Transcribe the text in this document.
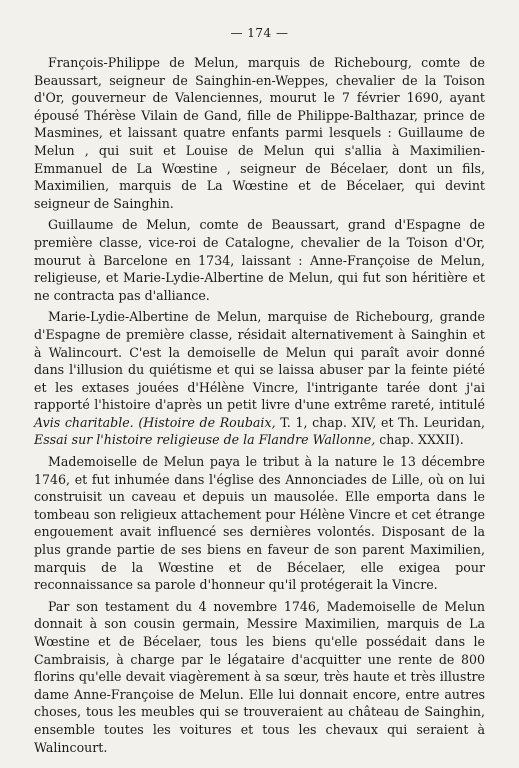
— 174 —

François-Philippe de Melun, marquis de Richebourg, comte de Beaussart, seigneur de Sainghin-en-Weppes, chevalier de la Toison d'Or, gouverneur de Valenciennes, mourut le 7 février 1690, ayant épousé Thérèse Vilain de Gand, fille de Philippe-Balthazar, prince de Masmines, et laissant quatre enfants parmi lesquels : Guillaume de Melun , qui suit et Louise de Melun qui s'allia à Maximilien-Emmanuel de La Wœstine , seigneur de Bécelaer, dont un fils, Maximilien, marquis de La Wœstine et de Bécelaer, qui devint seigneur de Sainghin.

Guillaume de Melun, comte de Beaussart, grand d'Espagne de première classe, vice-roi de Catalogne, chevalier de la Toison d'Or, mourut à Barcelone en 1734, laissant : Anne-Françoise de Melun, religieuse, et Marie-Lydie-Albertine de Melun, qui fut son héritière et ne contracta pas d'alliance.

Marie-Lydie-Albertine de Melun, marquise de Richebourg, grande d'Espagne de première classe, résidait alternativement à Sainghin et à Walincourt. C'est la demoiselle de Melun qui paraît avoir donné dans l'illusion du quiétisme et qui se laissa abuser par la feinte piété et les extases jouées d'Hélène Vincre, l'intrigante tarée dont j'ai rapporté l'histoire d'après un petit livre d'une extrême rareté, intitulé Avis charitable. (Histoire de Roubaix, T. 1, chap. XIV, et Th. Leuridan, Essai sur l'histoire religieuse de la Flandre Wallonne, chap. XXXII).

Mademoiselle de Melun paya le tribut à la nature le 13 décembre 1746, et fut inhumée dans l'église des Annonciades de Lille, où on lui construisit un caveau et depuis un mausolée. Elle emporta dans le tombeau son religieux attachement pour Hélène Vincre et cet étrange engouement avait influencé ses dernières volontés. Disposant de la plus grande partie de ses biens en faveur de son parent Maximilien, marquis de la Wœstine et de Bécelaer, elle exigea pour reconnaissance sa parole d'honneur qu'il protégerait la Vincre.

Par son testament du 4 novembre 1746, Mademoiselle de Melun donnait à son cousin germain, Messire Maximilien, marquis de La Wœstine et de Bécelaer, tous les biens qu'elle possédait dans le Cambraisis, à charge par le légataire d'acquitter une rente de 800 florins qu'elle devait viagèrement à sa sœur, très haute et très illustre dame Anne-Françoise de Melun. Elle lui donnait encore, entre autres choses, tous les meubles qui se trouveraient au château de Sainghin, ensemble toutes les voitures et tous les chevaux qui seraient à Walincourt.
